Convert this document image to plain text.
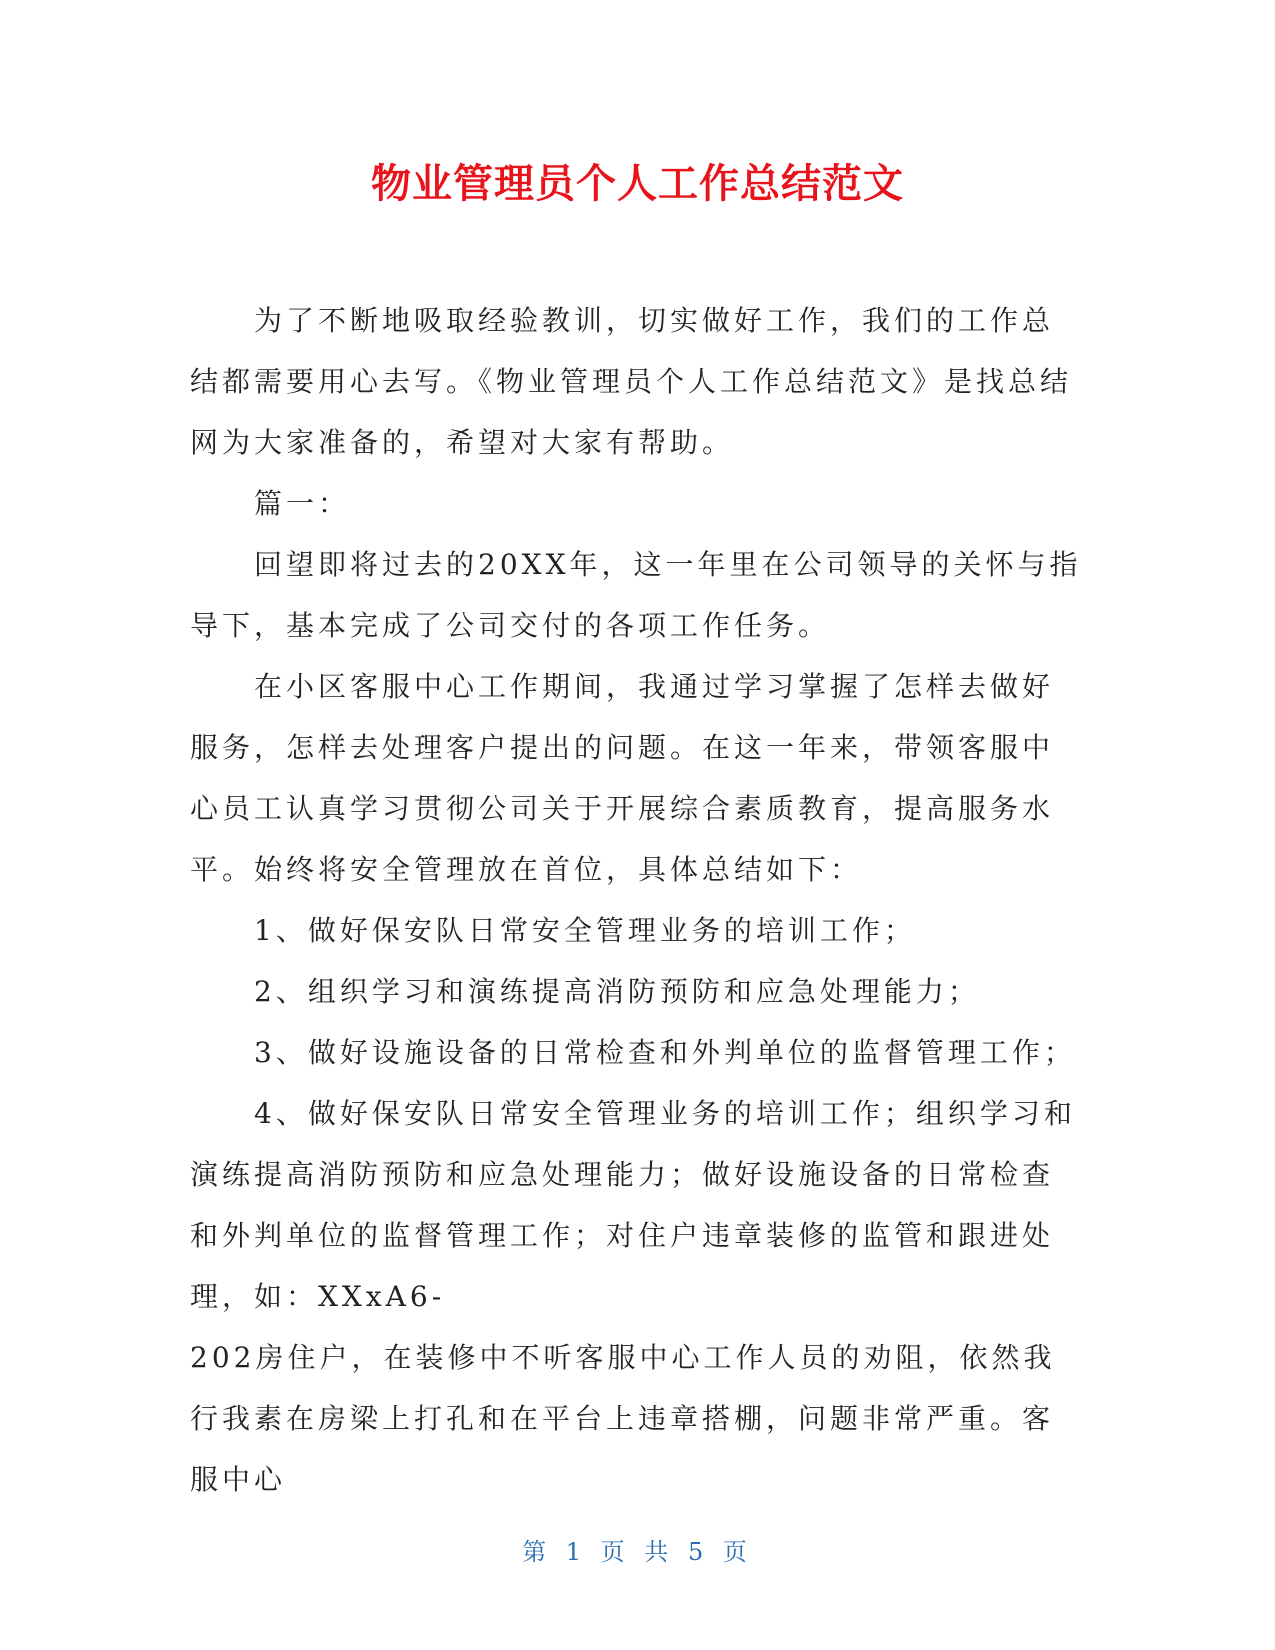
物业管理员个人工作总结范文

为了不断地吸取经验教训，切实做好工作，我们的工作总结都需要用心去写。《物业管理员个人工作总结范文》是找总结网为大家准备的，希望对大家有帮助。

篇一：

回望即将过去的20XX年，这一年里在公司领导的关怀与指导下，基本完成了公司交付的各项工作任务。

在小区客服中心工作期间，我通过学习掌握了怎样去做好服务，怎样去处理客户提出的问题。在这一年来，带领客服中心员工认真学习贯彻公司关于开展综合素质教育，提高服务水平。始终将安全管理放在首位，具体总结如下：

1、做好保安队日常安全管理业务的培训工作；

2、组织学习和演练提高消防预防和应急处理能力；

3、做好设施设备的日常检查和外判单位的监督管理工作；

4、做好保安队日常安全管理业务的培训工作；组织学习和演练提高消防预防和应急处理能力；做好设施设备的日常检查和外判单位的监督管理工作；对住户违章装修的监管和跟进处理，如：XXxA6-

202房住户，在装修中不听客服中心工作人员的劝阻，依然我行我素在房梁上打孔和在平台上违章搭棚，问题非常严重。客服中心

第 1 页 共 5 页
